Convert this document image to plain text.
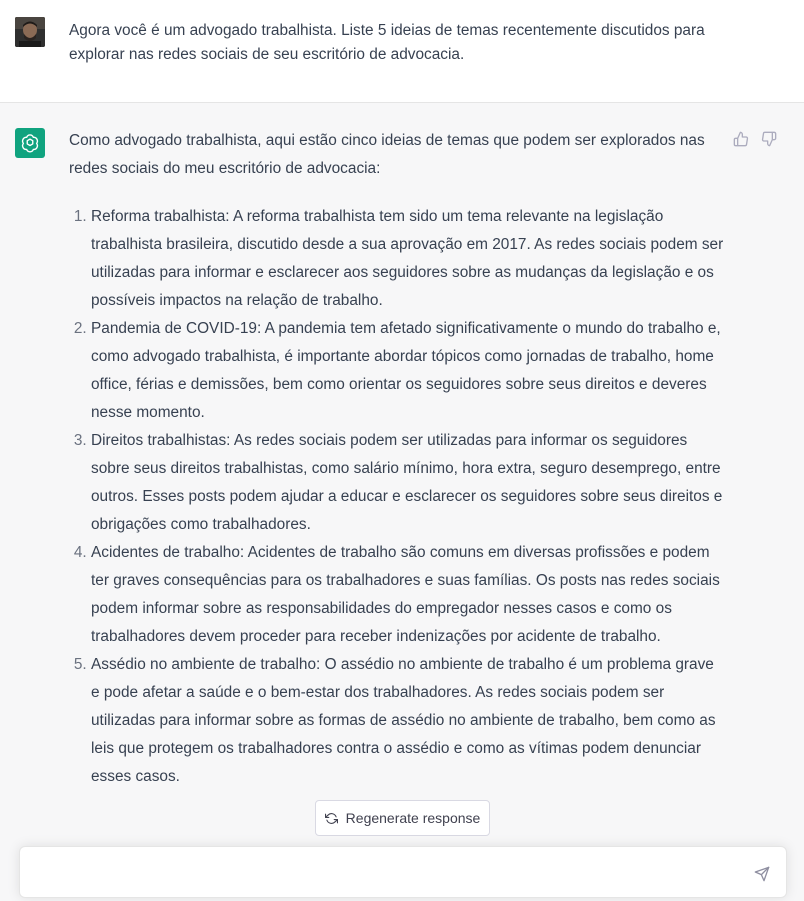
Agora você é um advogado trabalhista. Liste 5 ideias de temas recentemente discutidos para explorar nas redes sociais de seu escritório de advocacia.

Como advogado trabalhista, aqui estão cinco ideias de temas que podem ser explorados nas redes sociais do meu escritório de advocacia:

1. Reforma trabalhista: A reforma trabalhista tem sido um tema relevante na legislação trabalhista brasileira, discutido desde a sua aprovação em 2017. As redes sociais podem ser utilizadas para informar e esclarecer aos seguidores sobre as mudanças da legislação e os possíveis impactos na relação de trabalho.
2. Pandemia de COVID-19: A pandemia tem afetado significativamente o mundo do trabalho e, como advogado trabalhista, é importante abordar tópicos como jornadas de trabalho, home office, férias e demissões, bem como orientar os seguidores sobre seus direitos e deveres nesse momento.
3. Direitos trabalhistas: As redes sociais podem ser utilizadas para informar os seguidores sobre seus direitos trabalhistas, como salário mínimo, hora extra, seguro desemprego, entre outros. Esses posts podem ajudar a educar e esclarecer os seguidores sobre seus direitos e obrigações como trabalhadores.
4. Acidentes de trabalho: Acidentes de trabalho são comuns em diversas profissões e podem ter graves consequências para os trabalhadores e suas famílias. Os posts nas redes sociais podem informar sobre as responsabilidades do empregador nesses casos e como os trabalhadores devem proceder para receber indenizações por acidente de trabalho.
5. Assédio no ambiente de trabalho: O assédio no ambiente de trabalho é um problema grave e pode afetar a saúde e o bem-estar dos trabalhadores. As redes sociais podem ser utilizadas para informar sobre as formas de assédio no ambiente de trabalho, bem como as leis que protegem os trabalhadores contra o assédio e como as vítimas podem denunciar esses casos.
Regenerate response
